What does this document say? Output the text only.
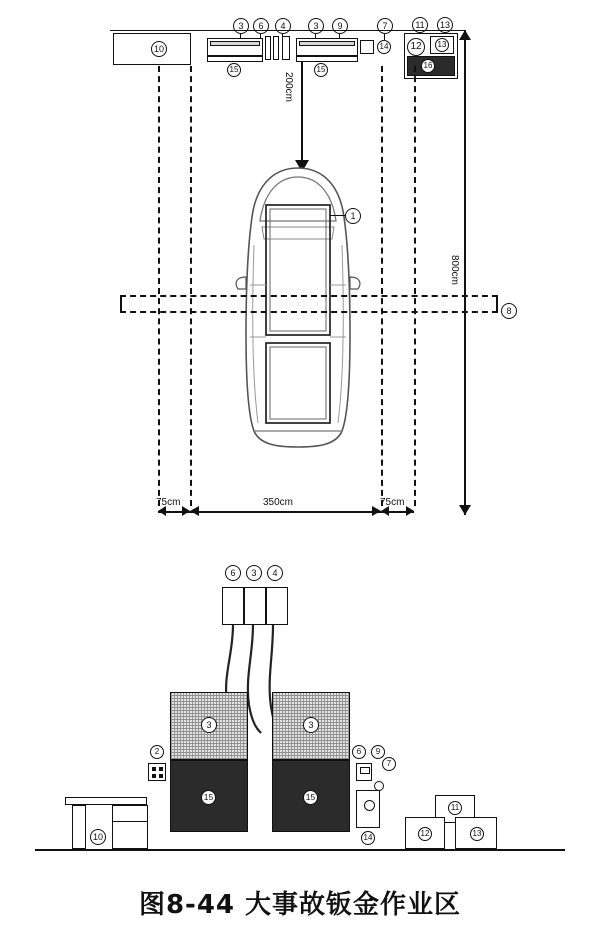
3	6	4	3	9	7	11	13
10
15	15
14	12	13
16
200cm
800cm
1
8
75cm	350cm	75cm
6	3	4
3
15
3
15
2	6	9
7
14
11
12	13
10
图8-44 大事故钣金作业区
